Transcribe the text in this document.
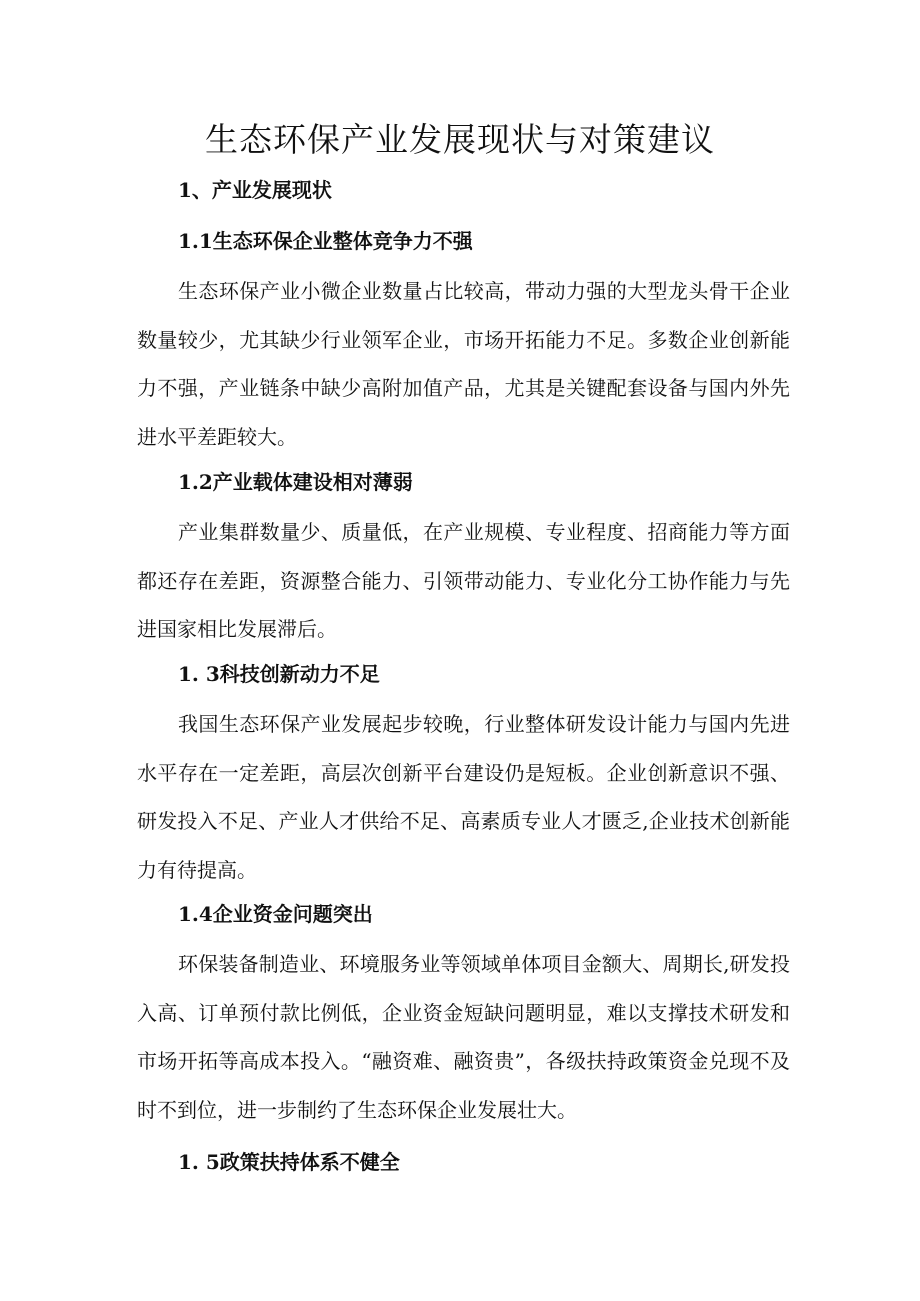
生态环保产业发展现状与对策建议
1、产业发展现状
1.1生态环保企业整体竞争力不强

生态环保产业小微企业数量占比较高，带动力强的大型龙头骨干企业数量较少，尤其缺少行业领军企业，市场开拓能力不足。多数企业创新能力不强，产业链条中缺少高附加值产品，尤其是关键配套设备与国内外先进水平差距较大。

1.2产业载体建设相对薄弱

产业集群数量少、质量低，在产业规模、专业程度、招商能力等方面都还存在差距，资源整合能力、引领带动能力、专业化分工协作能力与先进国家相比发展滞后。

1. 3科技创新动力不足

我国生态环保产业发展起步较晚，行业整体研发设计能力与国内先进水平存在一定差距，高层次创新平台建设仍是短板。企业创新意识不强、研发投入不足、产业人才供给不足、高素质专业人才匮乏,企业技术创新能力有待提高。

1.4企业资金问题突出

环保装备制造业、环境服务业等领域单体项目金额大、周期长,研发投入高、订单预付款比例低，企业资金短缺问题明显，难以支撑技术研发和市场开拓等高成本投入。“融资难、融资贵”，各级扶持政策资金兑现不及时不到位，进一步制约了生态环保企业发展壮大。

1. 5政策扶持体系不健全
